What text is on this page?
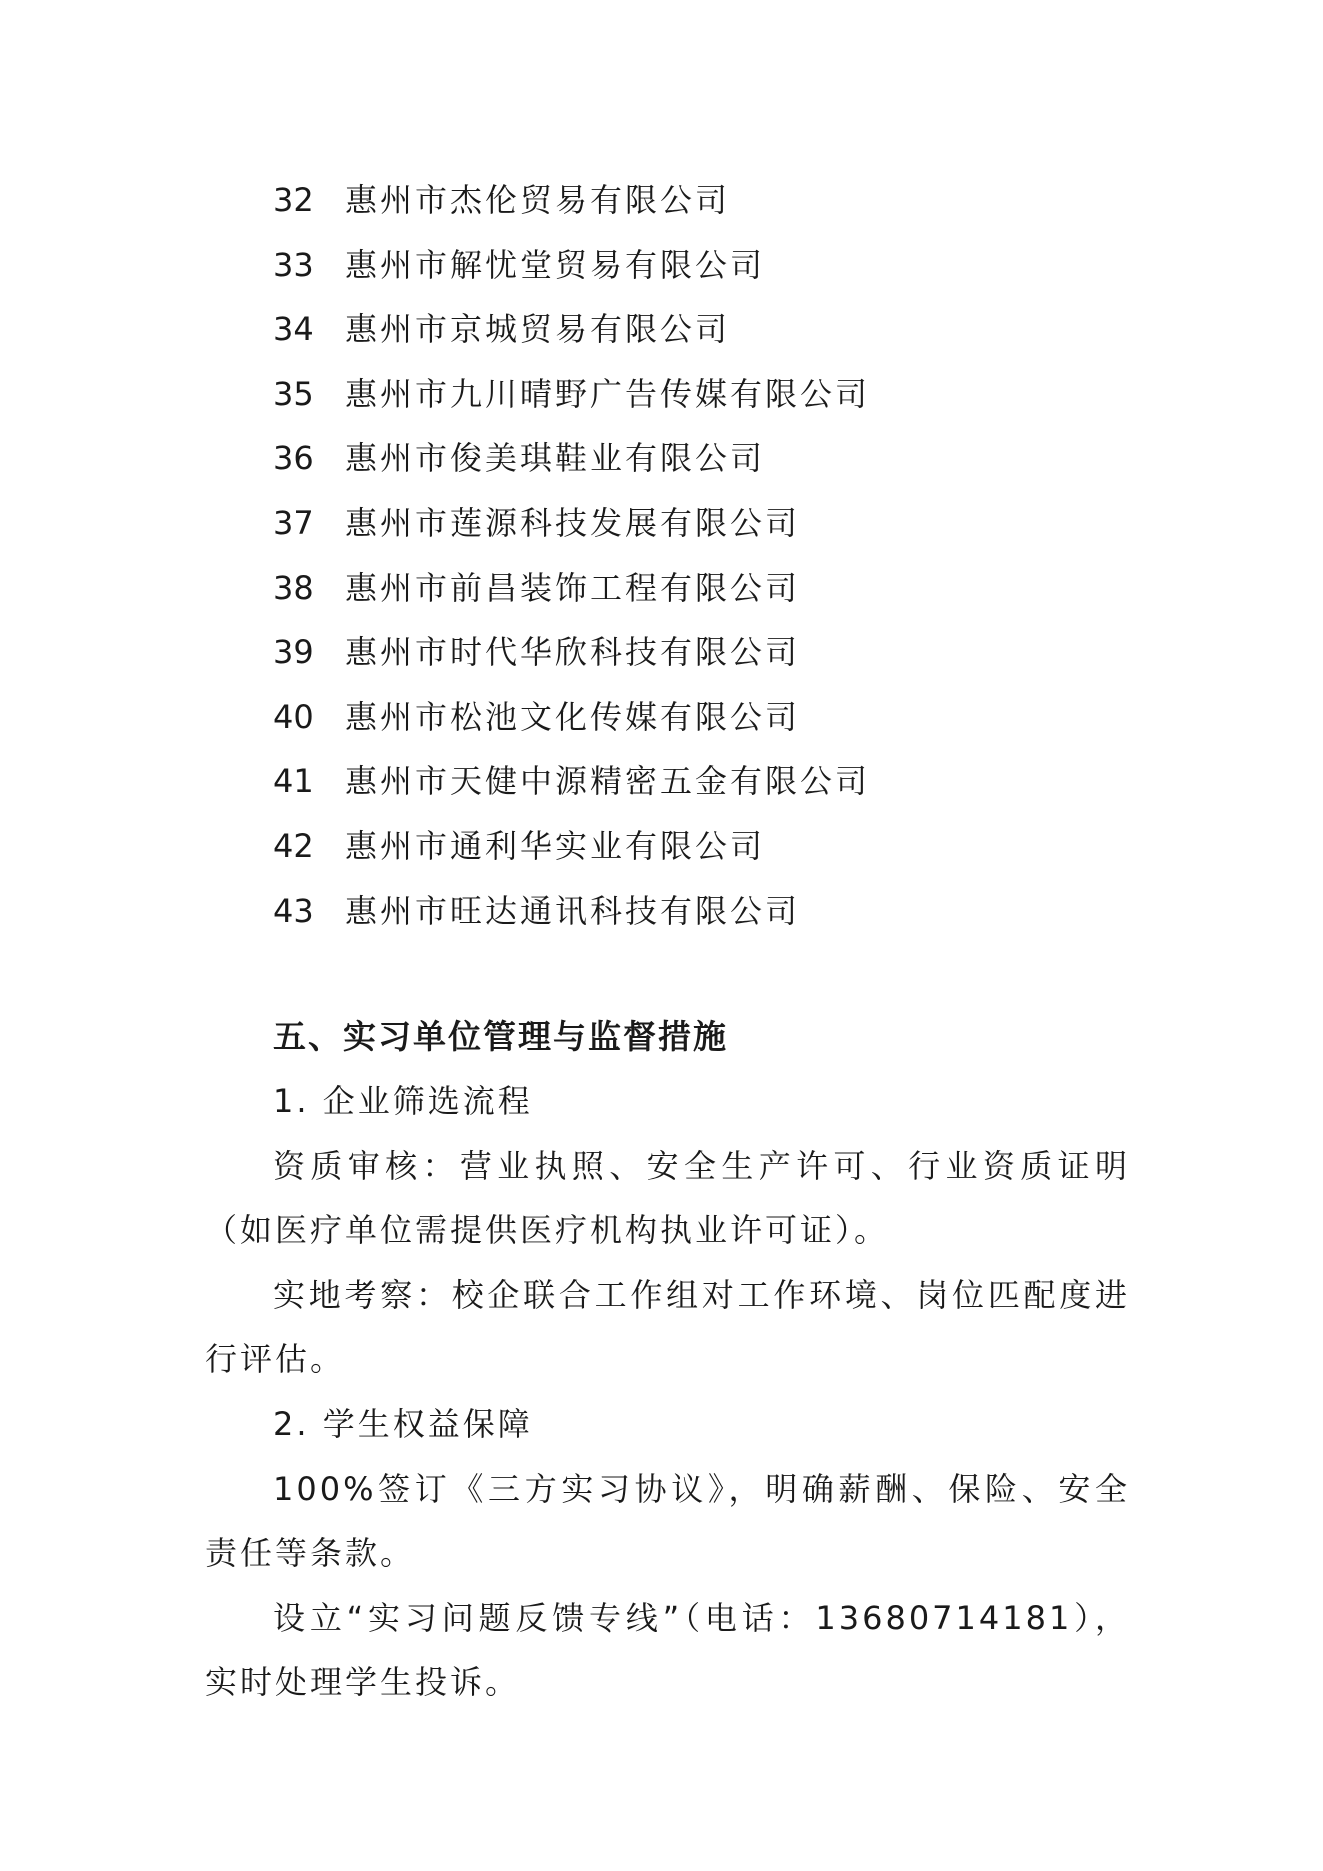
32 惠州市杰伦贸易有限公司
33 惠州市解忧堂贸易有限公司
34 惠州市京城贸易有限公司
35 惠州市九川晴野广告传媒有限公司
36 惠州市俊美琪鞋业有限公司
37 惠州市莲源科技发展有限公司
38 惠州市前昌装饰工程有限公司
39 惠州市时代华欣科技有限公司
40 惠州市松池文化传媒有限公司
41 惠州市天健中源精密五金有限公司
42 惠州市通利华实业有限公司
43 惠州市旺达通讯科技有限公司
五、实习单位管理与监督措施
1. 企业筛选流程

资质审核：营业执照、安全生产许可、行业资质证明（如医疗单位需提供医疗机构执业许可证）。

实地考察：校企联合工作组对工作环境、岗位匹配度进行评估。

2. 学生权益保障

100%签订《三方实习协议》，明确薪酬、保险、安全责任等条款。

设立“实习问题反馈专线”（电话：13680714181），实时处理学生投诉。
